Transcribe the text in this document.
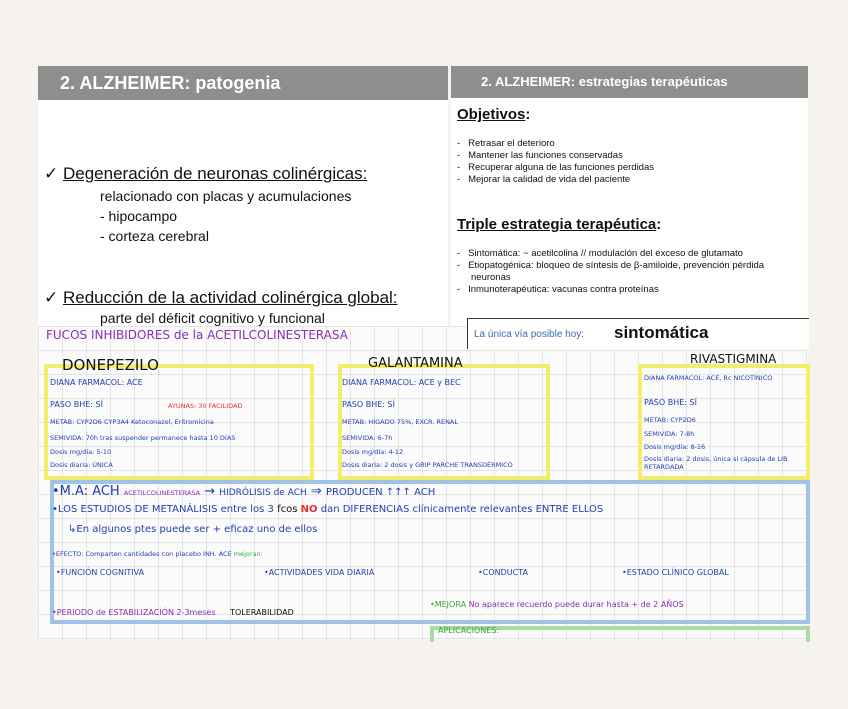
2. ALZHEIMER: patogenia
✓ Degeneración de neuronas colinérgicas:
relacionado con placas y acumulaciones
- hipocampo
- corteza cerebral
✓ Reducción de la actividad colinérgica global:
parte del déficit cognitivo y funcional
2. ALZHEIMER: estrategias terapéuticas
Objetivos:
-   Retrasar el deterioro
-   Mantener las funciones conservadas
-   Recuperar alguna de las funciones perdidas
-   Mejorar la calidad de vida del paciente
Triple estrategia terapéutica:
-   Sintomática: ~ acetilcolina // modulación del exceso de glutamato
-   Etiopatogénica: bloqueo de síntesis de β-amiloide, prevención pérdida
neuronas
-   Inmunoterapéutica: vacunas contra proteínas
FUCOS INHIBIDORES de la ACETILCOLINESTERASA
DONEPEZILO
DIANA FARMACOL: ACE
PASO BHE: SÍ	AYUNAS: 30 FACILIDAD
METAB: CYP2D6 CYP3A4 Ketoconazol, Eritromicina
SEMIVIDA: 70h tras suspender permanece hasta 10 DÍAS
Dosis mg/día: 5-10
Dosis diaria: ÚNICA
GALANTAMINA
DIANA FARMACOL: ACE y BEC
PASO BHE: SÍ
METAB: HÍGADO 75%, EXCR. RENAL
SEMIVIDA: 6-7h
Dosis mg/día: 4-12
Dosis diaria: 2 dosis y GRIP PARCHE TRANSDÉRMICO
RIVASTIGMINA
DIANA FARMACOL: ACE, Rc NICOTÍNICO
PASO BHE: SÍ
METAB: CYP2D6
SEMIVIDA: 7-8h
Dosis mg/día: 8-16
Dosis diaria: 2 dosis, única si cápsula de LIB RETARDADA
•M.A: ACH ACETILCOLINESTERASA → HIDRÓLISIS de ACH ⇒ PRODUCEN ↑↑↑ ACH
•LOS ESTUDIOS DE METANÁLISIS entre los 3 fcos NO dan DIFERENCIAS clínicamente relevantes ENTRE ELLOS
↳En algunos ptes puede ser + eficaz uno de ellos
•EFECTO: Comparten cantidades con placebo INH. ACE mejoran:
•FUNCIÓN COGNITIVA	•ACTIVIDADES VIDA DIARIA	•CONDUCTA	•ESTADO CLÍNICO GLOBAL
•PERIODO de ESTABILIZACIÓN 2-3meses TOLERABILIDAD
•MEJORA No aparece recuerdo puede durar hasta + de 2 AÑOS
APLICACIONES:
La única vía posible hoy: sintomática
